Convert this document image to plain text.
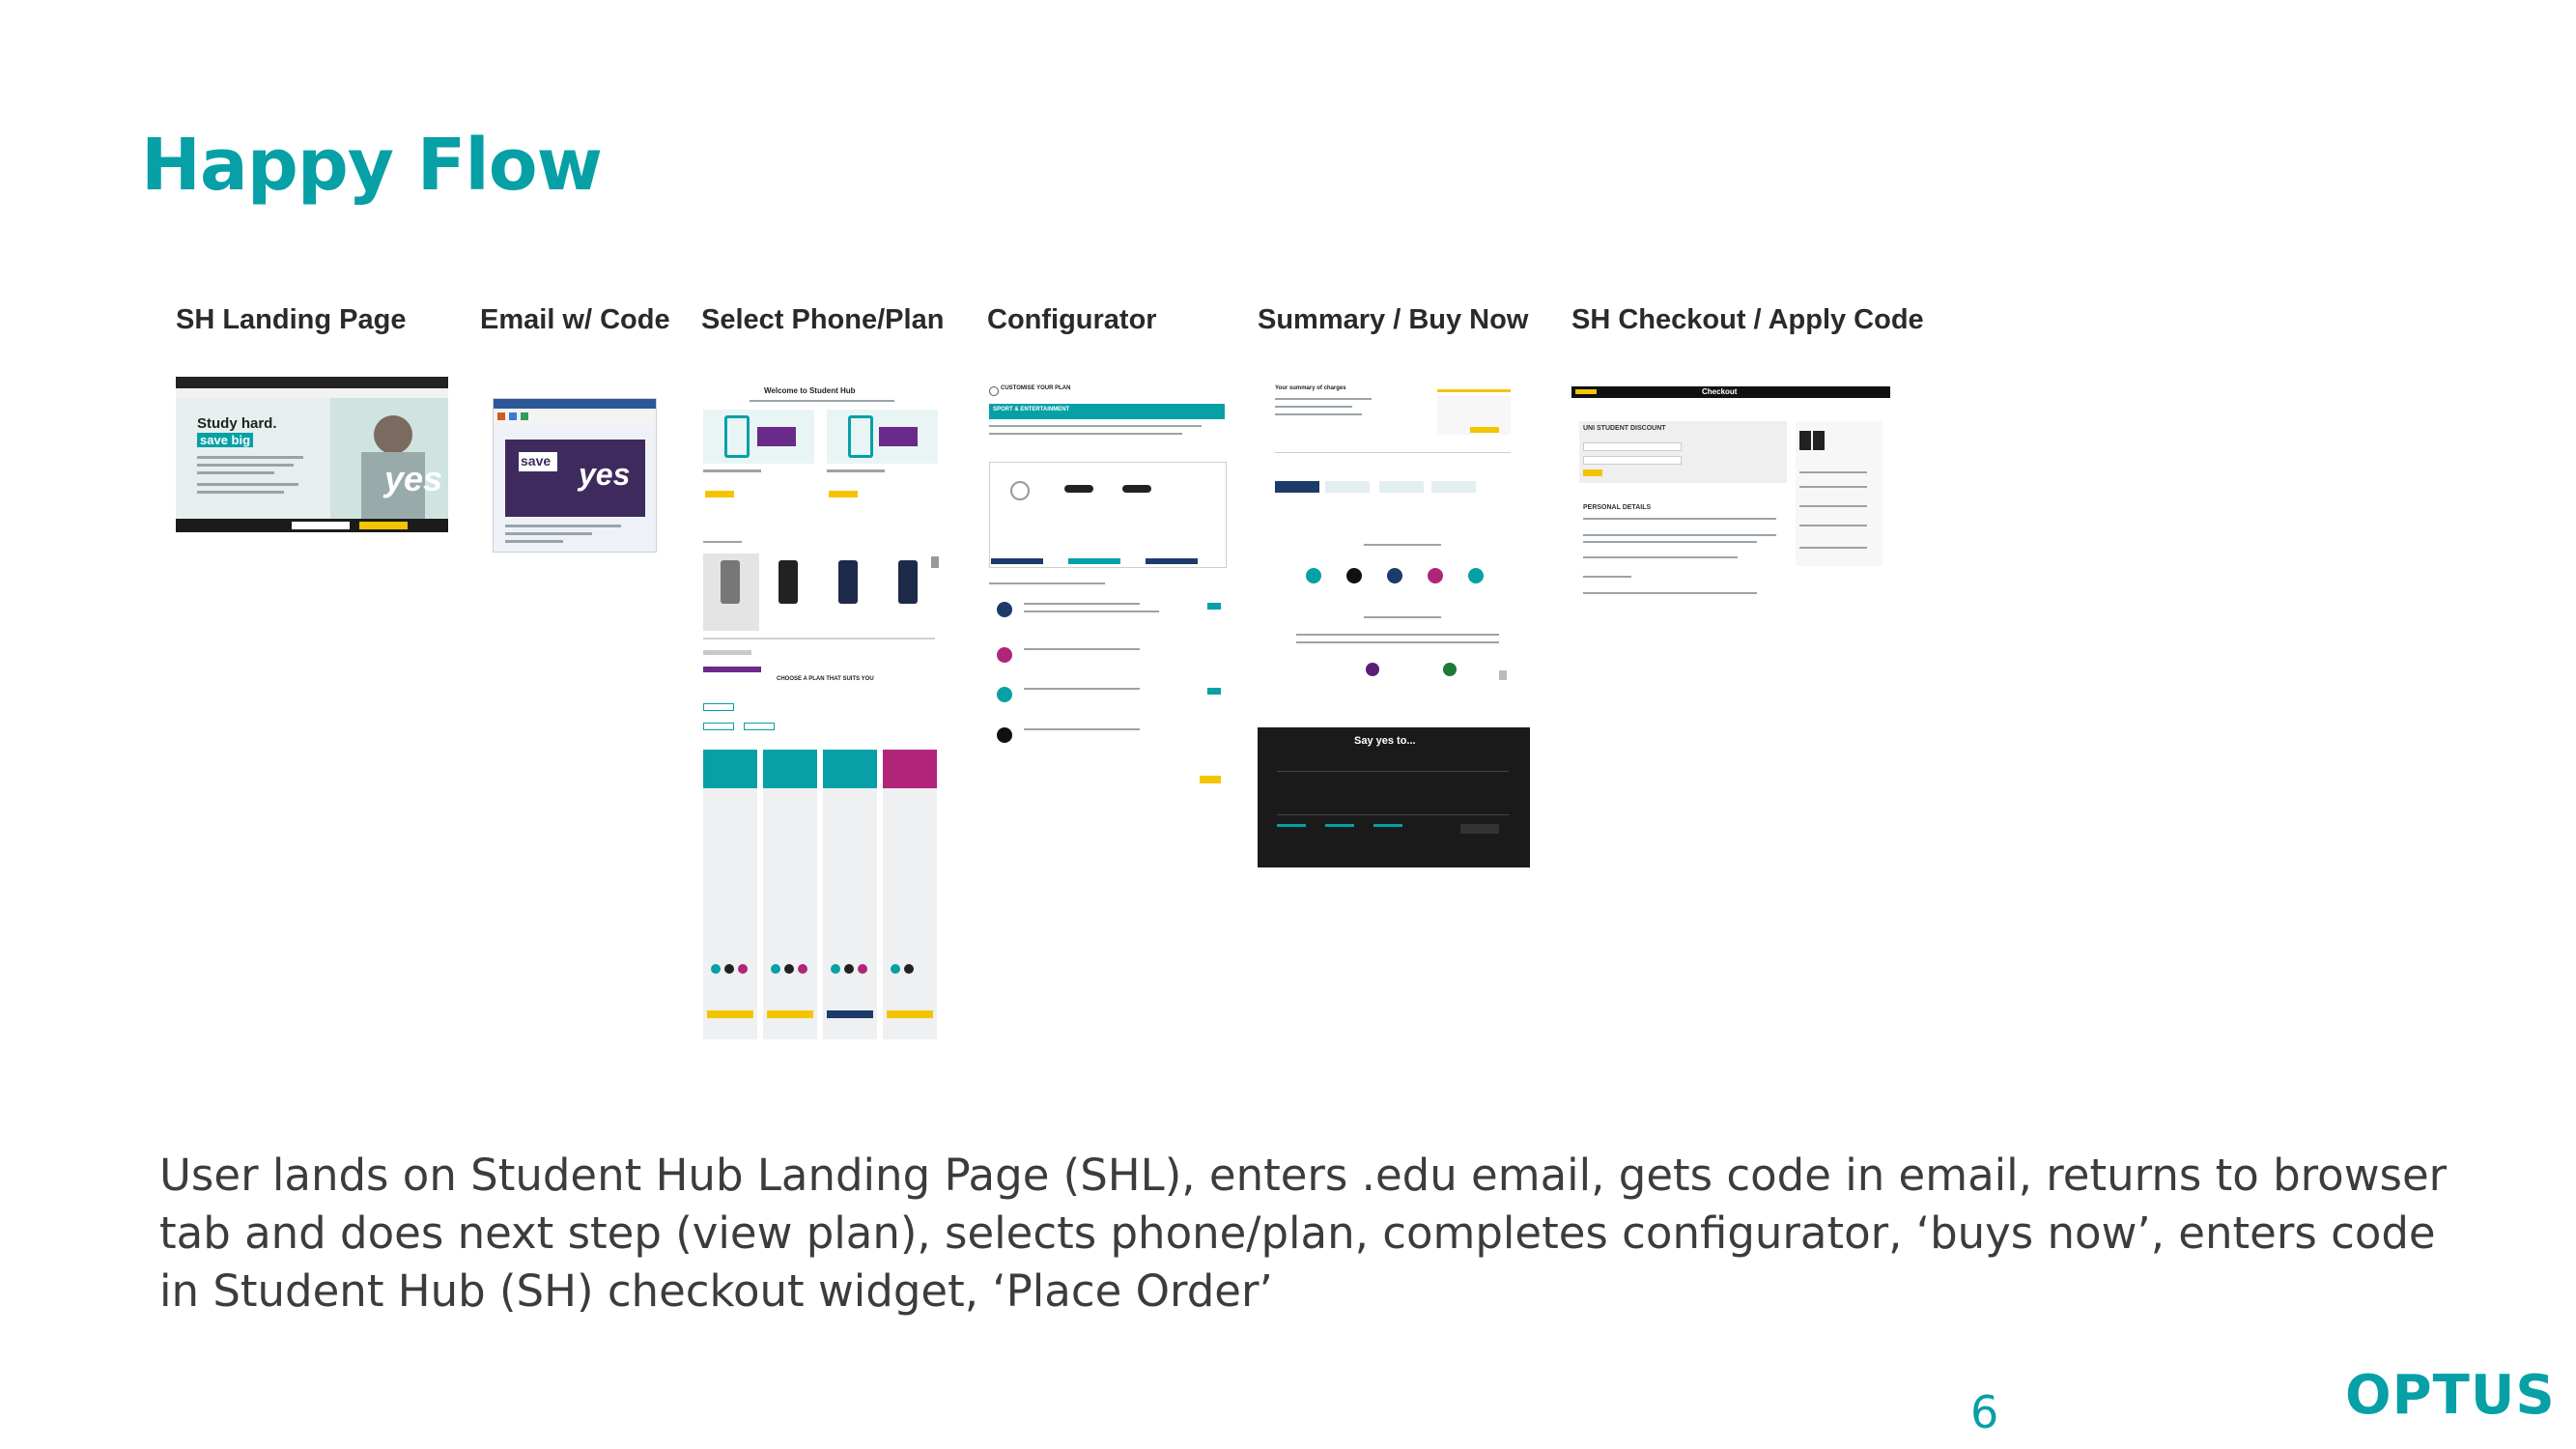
Happy Flow
SH Landing Page	Email w/ Code Select Phone/Plan Configurator	Summary / Buy Now SH Checkout / Apply Code
yes
Study hard.
save big
save yes
Welcome to Student Hub
CHOOSE A PLAN THAT SUITS YOU
CUSTOMISE YOUR PLAN
SPORT & ENTERTAINMENT
Your summary of charges
Say yes to...
Checkout
UNI STUDENT DISCOUNT
PERSONAL DETAILS
User lands on Student Hub Landing Page (SHL), enters .edu email, gets code in email, returns to browser tab and does next step (view plan), selects phone/plan, completes configurator, ‘buys now’, enters code in Student Hub (SH) checkout widget, ‘Place Order’
6	OPTUS
